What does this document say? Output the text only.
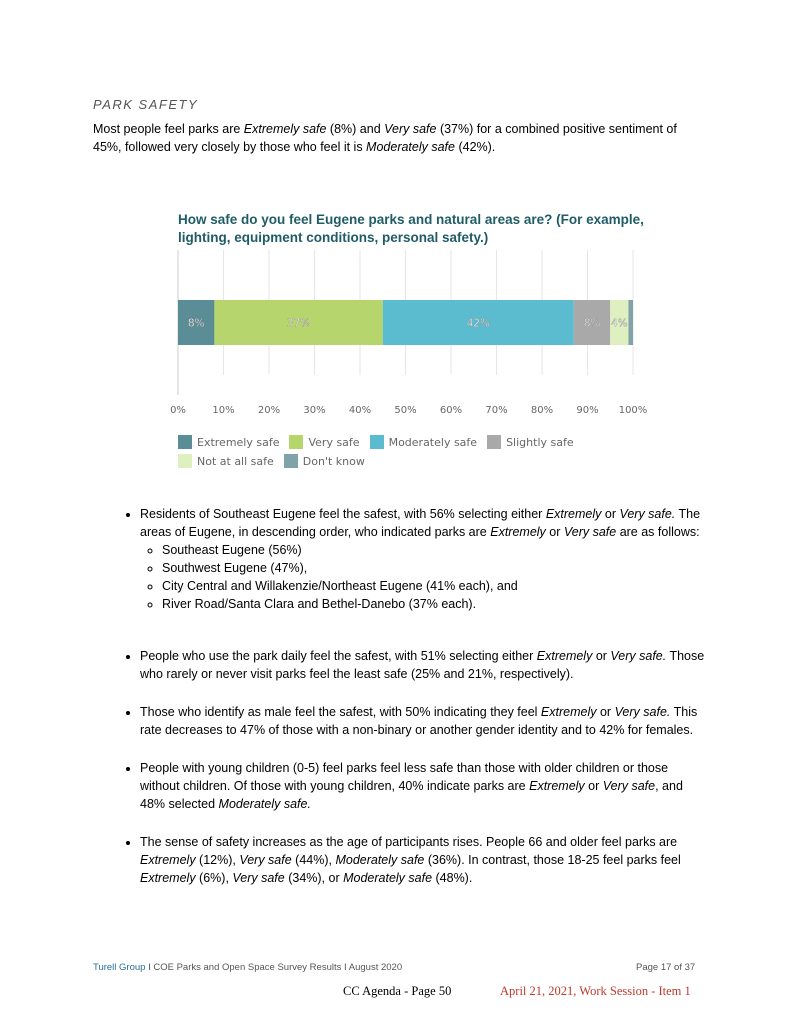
PARK SAFETY
Most people feel parks are Extremely safe (8%) and Very safe (37%) for a combined positive sentiment of 45%, followed very closely by those who feel it is Moderately safe (42%).
How safe do you feel Eugene parks and natural areas are? (For example, lighting, equipment conditions, personal safety.)
0%	10% 20% 30% 40% 50% 60% 70% 80% 90% 100%
8%	37%	42%	8% 4%
Extremely safe	Very safe	Moderately safe	Slightly safe
Not at all safe	Don't know
• Residents of Southeast Eugene feel the safest, with 56% selecting either Extremely or Very safe. The areas of Eugene, in descending order, who indicated parks are Extremely or Very safe are as follows:
◦ Southeast Eugene (56%)
◦ Southwest Eugene (47%),
◦ City Central and Willakenzie/Northeast Eugene (41% each), and
◦ River Road/Santa Clara and Bethel-Danebo (37% each).
• People who use the park daily feel the safest, with 51% selecting either Extremely or Very safe. Those who rarely or never visit parks feel the least safe (25% and 21%, respectively).
• Those who identify as male feel the safest, with 50% indicating they feel Extremely or Very safe. This rate decreases to 47% of those with a non-binary or another gender identity and to 42% for females.
• People with young children (0-5) feel parks feel less safe than those with older children or those without children. Of those with young children, 40% indicate parks are Extremely or Very safe, and 48% selected Moderately safe.
• The sense of safety increases as the age of participants rises. People 66 and older feel parks are Extremely (12%), Very safe (44%), Moderately safe (36%). In contrast, those 18-25 feel parks feel Extremely (6%), Very safe (34%), or Moderately safe (48%).
Turell Group I COE Parks and Open Space Survey Results I August 2020	Page 17 of 37
CC Agenda - Page 50	April 21, 2021, Work Session - Item 1
